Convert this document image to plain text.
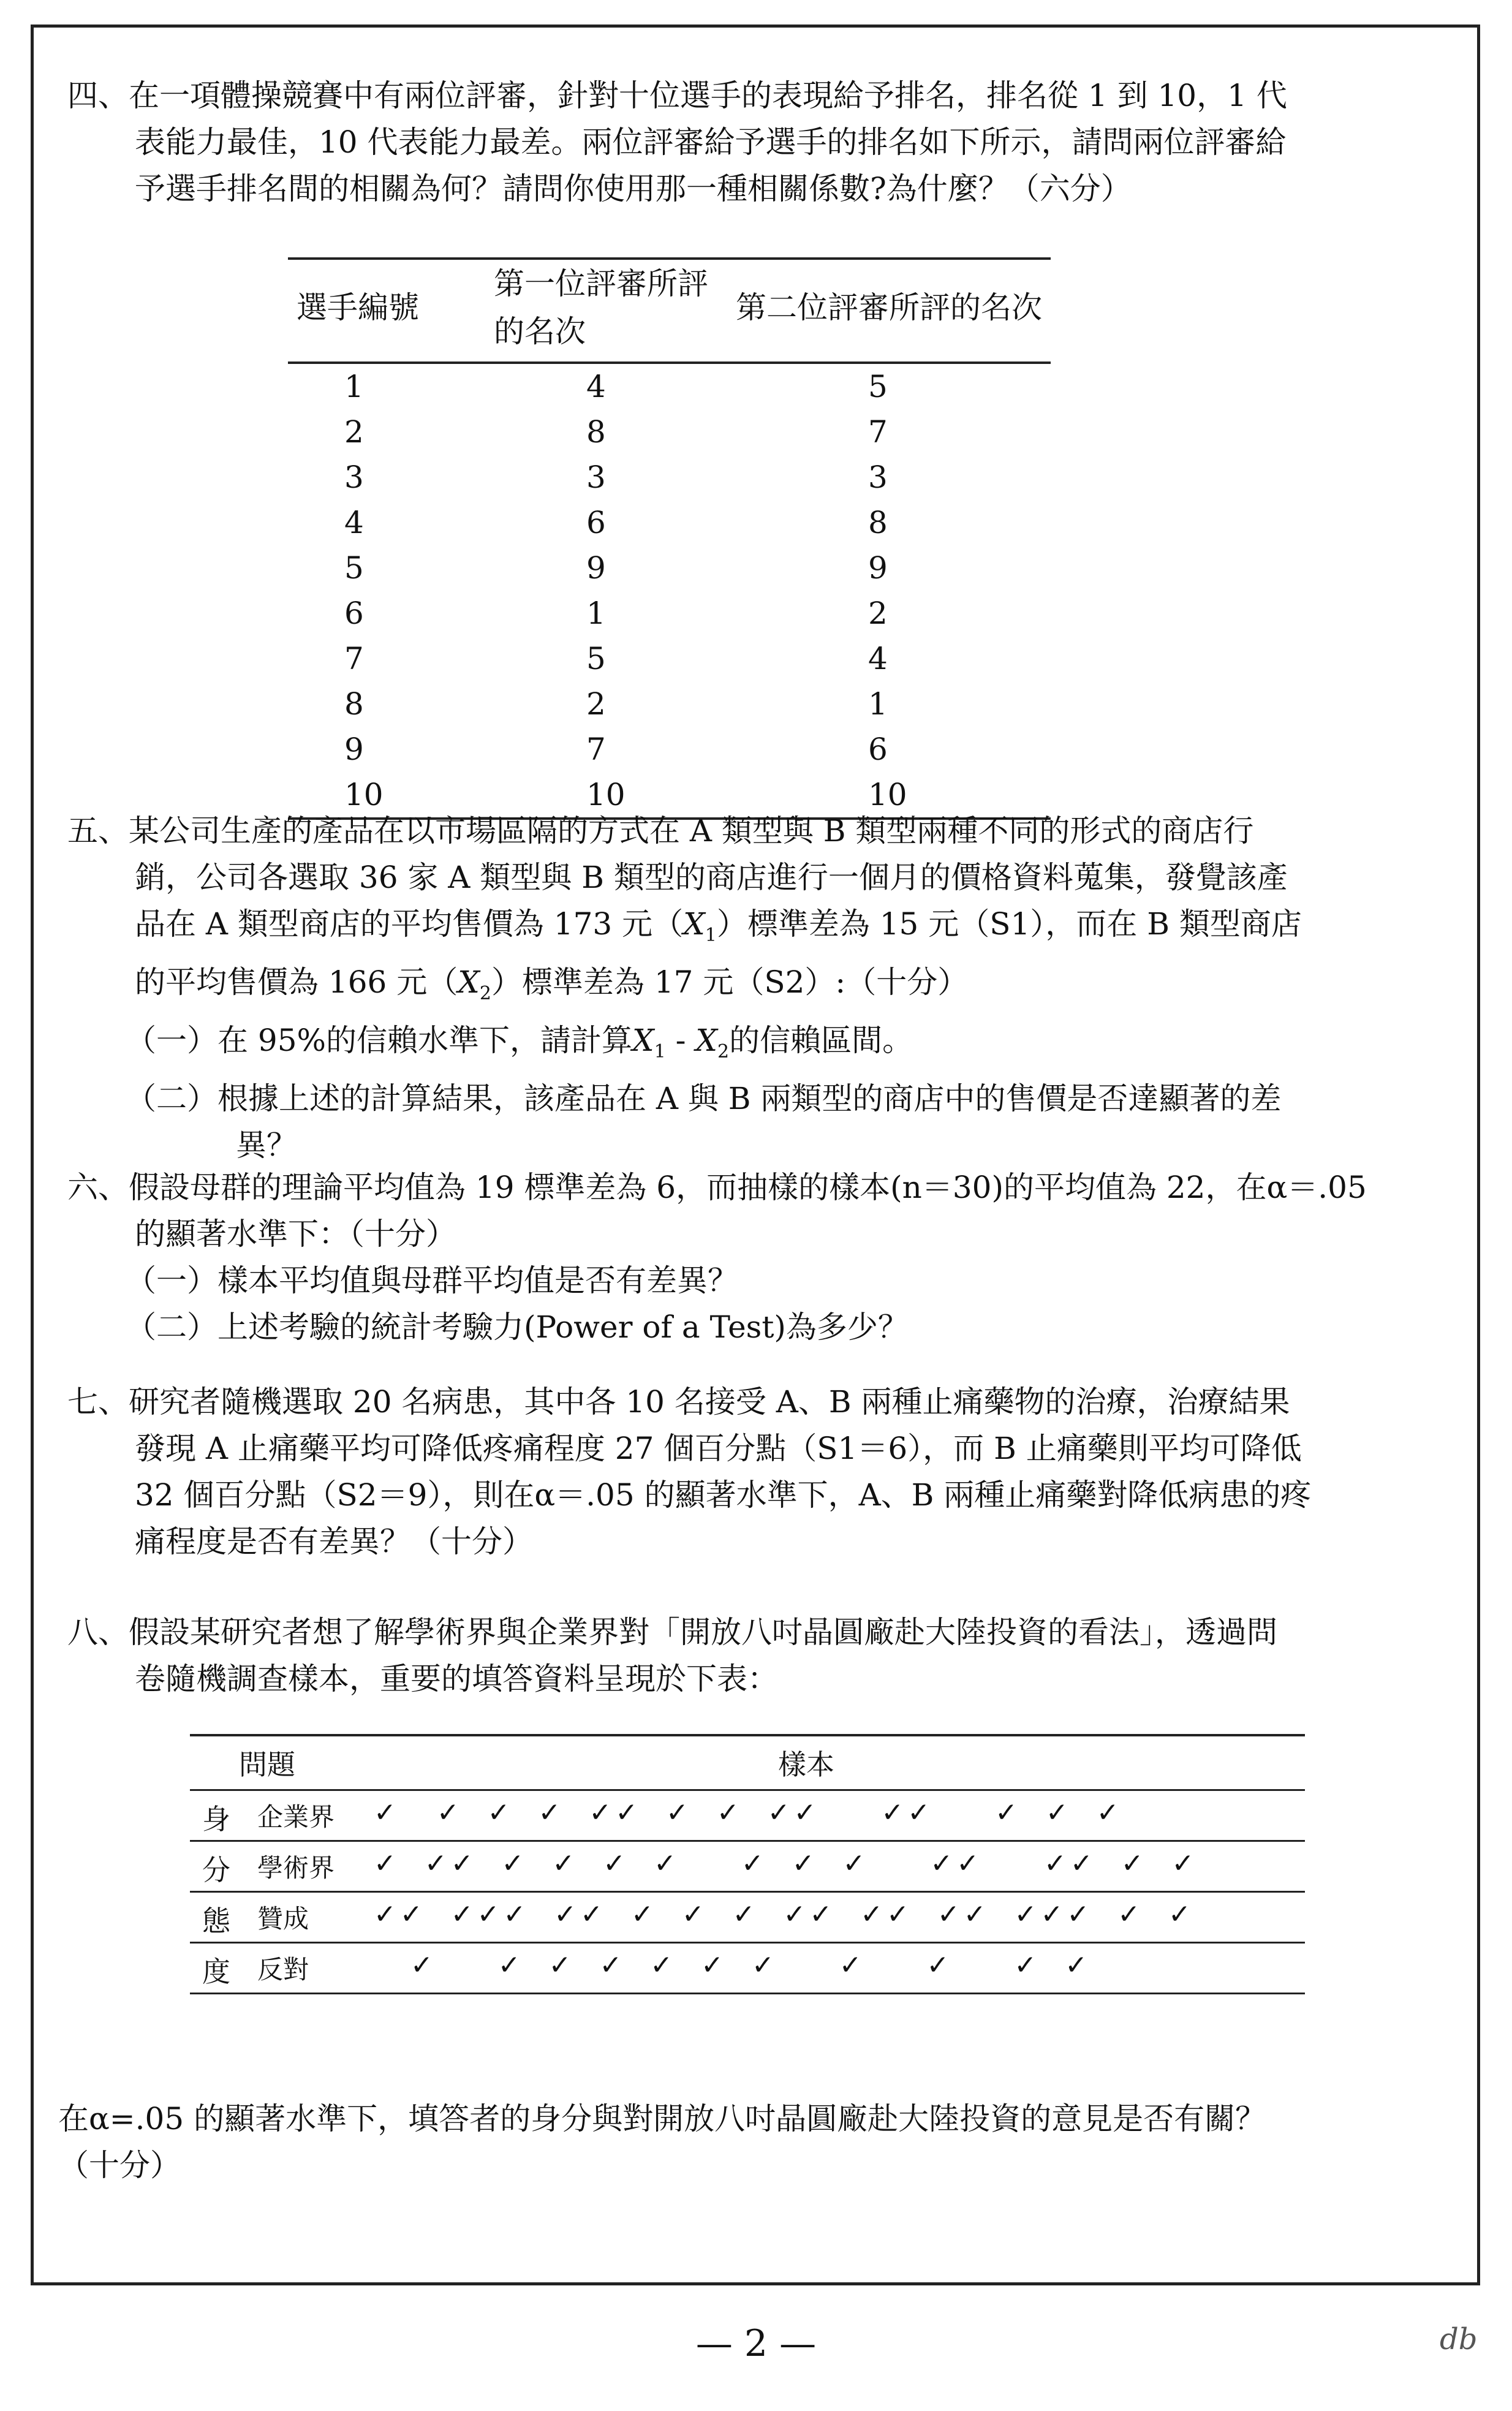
四、在一項體操競賽中有兩位評審，針對十位選手的表現給予排名，排名從 1 到 10，1 代

表能力最佳，10 代表能力最差。兩位評審給予選手的排名如下所示，請問兩位評審給

予選手排名間的相關為何？請問你使用那一種相關係數?為什麼？（六分）

選手編號	第一位評審所評的名次	第二位評審所評的名次
1	4	5
2	8	7
3	3	3
4	6	8
5	9	9
6	1	2
7	5	4
8	2	1
9	7	6
10	10	10

五、某公司生產的產品在以市場區隔的方式在 A 類型與 B 類型兩種不同的形式的商店行

銷，公司各選取 36 家 A 類型與 B 類型的商店進行一個月的價格資料蒐集，發覺該產

品在 A 類型商店的平均售價為 173 元$(X_1)$標準差為 15 元（S1），而在 B 類型商店

的平均售價為 166 元$(X_2)$標準差為 17 元（S2）:（十分）

（一）在 95%的信賴水準下，請計算$X_1 - X_2$的信賴區間。

（二）根據上述的計算結果，該產品在 A 與 B 兩類型的商店中的售價是否達顯著的差

異？

六、假設母群的理論平均值為 19 標準差為 6，而抽樣的樣本(n＝30)的平均值為 22，在α＝.05

的顯著水準下：（十分）

（一）樣本平均值與母群平均值是否有差異？

（二）上述考驗的統計考驗力(Power of a Test)為多少？

七、研究者隨機選取 20 名病患，其中各 10 名接受 A、B 兩種止痛藥物的治療，治療結果

發現 A 止痛藥平均可降低疼痛程度 27 個百分點（S1＝6），而 B 止痛藥則平均可降低

32 個百分點（S2＝9），則在α＝.05 的顯著水準下，A、B 兩種止痛藥對降低病患的疼

痛程度是否有差異？（十分）

八、假設某研究者想了解學術界與企業界對「開放八吋晶圓廠赴大陸投資的看法」，透過問

卷隨機調查樣本，重要的填答資料呈現於下表：

問題	樣本
身 企業界 ✓   ✓  ✓  ✓  ✓✓  ✓  ✓  ✓✓     ✓✓     ✓  ✓  ✓
分 學術界 ✓  ✓✓  ✓  ✓  ✓  ✓     ✓  ✓  ✓     ✓✓     ✓✓  ✓  ✓
態 贊成 ✓✓  ✓✓✓  ✓✓  ✓  ✓  ✓  ✓✓  ✓✓  ✓✓  ✓✓✓  ✓  ✓
度 反對 ✓     ✓  ✓  ✓  ✓  ✓  ✓     ✓     ✓     ✓  ✓

在α=.05 的顯著水準下，填答者的身分與對開放八吋晶圓廠赴大陸投資的意見是否有關？

（十分）

— 2 —	db
